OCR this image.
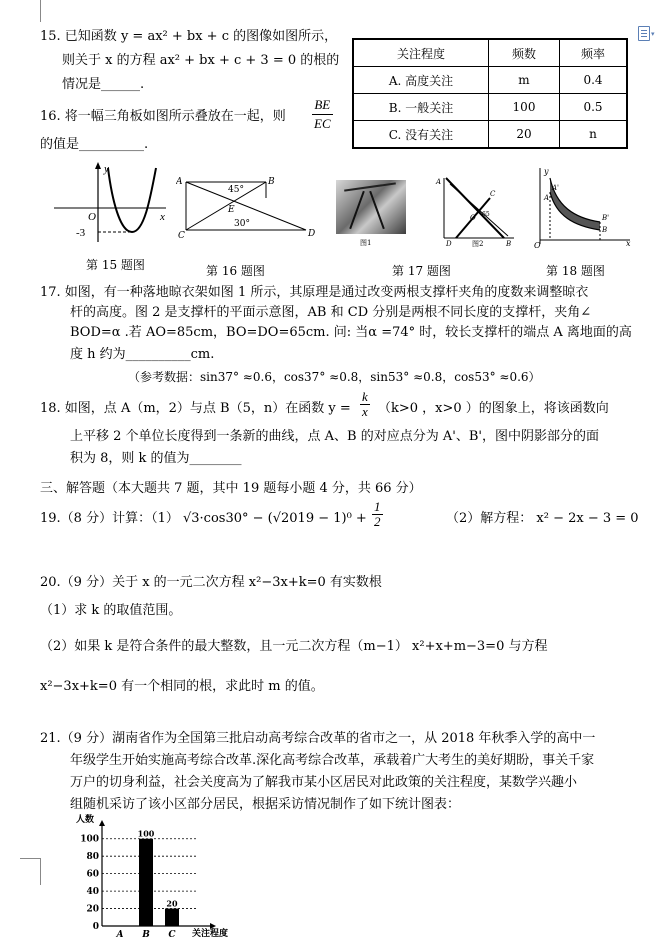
▾
15. 已知函数 y = ax² + bx + c 的图像如图所示，
则关于 x 的方程 ax² + bx + c + 3 = 0 的根的
情况是______.
16. 将一幅三角板如图所示叠放在一起，则 $\frac{BE}{EC}$
的值是__________.
关注程度	频数	频率
A. 高度关注	m	0.4
B. 一般关注	100	0.5
C. 没有关注	20	n
y
x
O
-3
第 15 题图
A	B
C	D
E
45°
30°
第 16 题图
图1	D
A
B
C
O 65
图2
第 17 题图
y
x
O
A'
A
B'
B
第 18 题图
17. 如图，有一种落地晾衣架如图 1 所示，其原理是通过改变两根支撑杆夹角的度数来调整晾衣
杆的高度。图 2 是支撑杆的平面示意图，AB 和 CD 分别是两根不同长度的支撑杆，夹角∠
BOD=α .若 AO=85cm，BO=DO=65cm. 问: 当α =74° 时，较长支撑杆的端点 A 离地面的高
度 h 约为__________cm.
（参考数据：sin37° ≈0.6，cos37° ≈0.8，sin53° ≈0.8，cos53° ≈0.6）
18. 如图，点 A（m，2）与点 B（5，n）在函数 $y = \frac{k}{x} (k>0$ ，x>0 ）的图象上，将该函数向
上平移 2 个单位长度得到一条新的曲线，点 A、B 的对应点分为 A'、B'，图中阴影部分的面
积为 8，则 k 的值为________
三、解答题（本大题共 7 题，其中 19 题每小题 4 分，共 66 分）
19.（8 分）计算：（1） $√3\cdot\cos 30^\circ - (√2019 - 1)^0 + \frac{1}{2}$	（2）解方程： x² − 2x − 3 = 0
20.（9 分）关于 x 的一元二次方程 x²−3x+k=0 有实数根
（1）求 k 的取值范围。
（2）如果 k 是符合条件的最大整数，且一元二次方程（m−1） x²+x+m−3=0 与方程
x²−3x+k=0 有一个相同的根，求此时 m 的值。
21.（9 分）湖南省作为全国第三批启动高考综合改革的省市之一，从 2018 年秋季入学的高中一
年级学生开始实施高考综合改革.深化高考综合改革，承载着广大考生的美好期盼，事关千家
万户的切身利益，社会关度高为了解我市某小区居民对此政策的关注程度，某数学兴趣小
组随机采访了该小区部分居民，根据采访情况制作了如下统计图表：
人数
关注程度
20
40
60
80
100
0
A
100
B
20
C
